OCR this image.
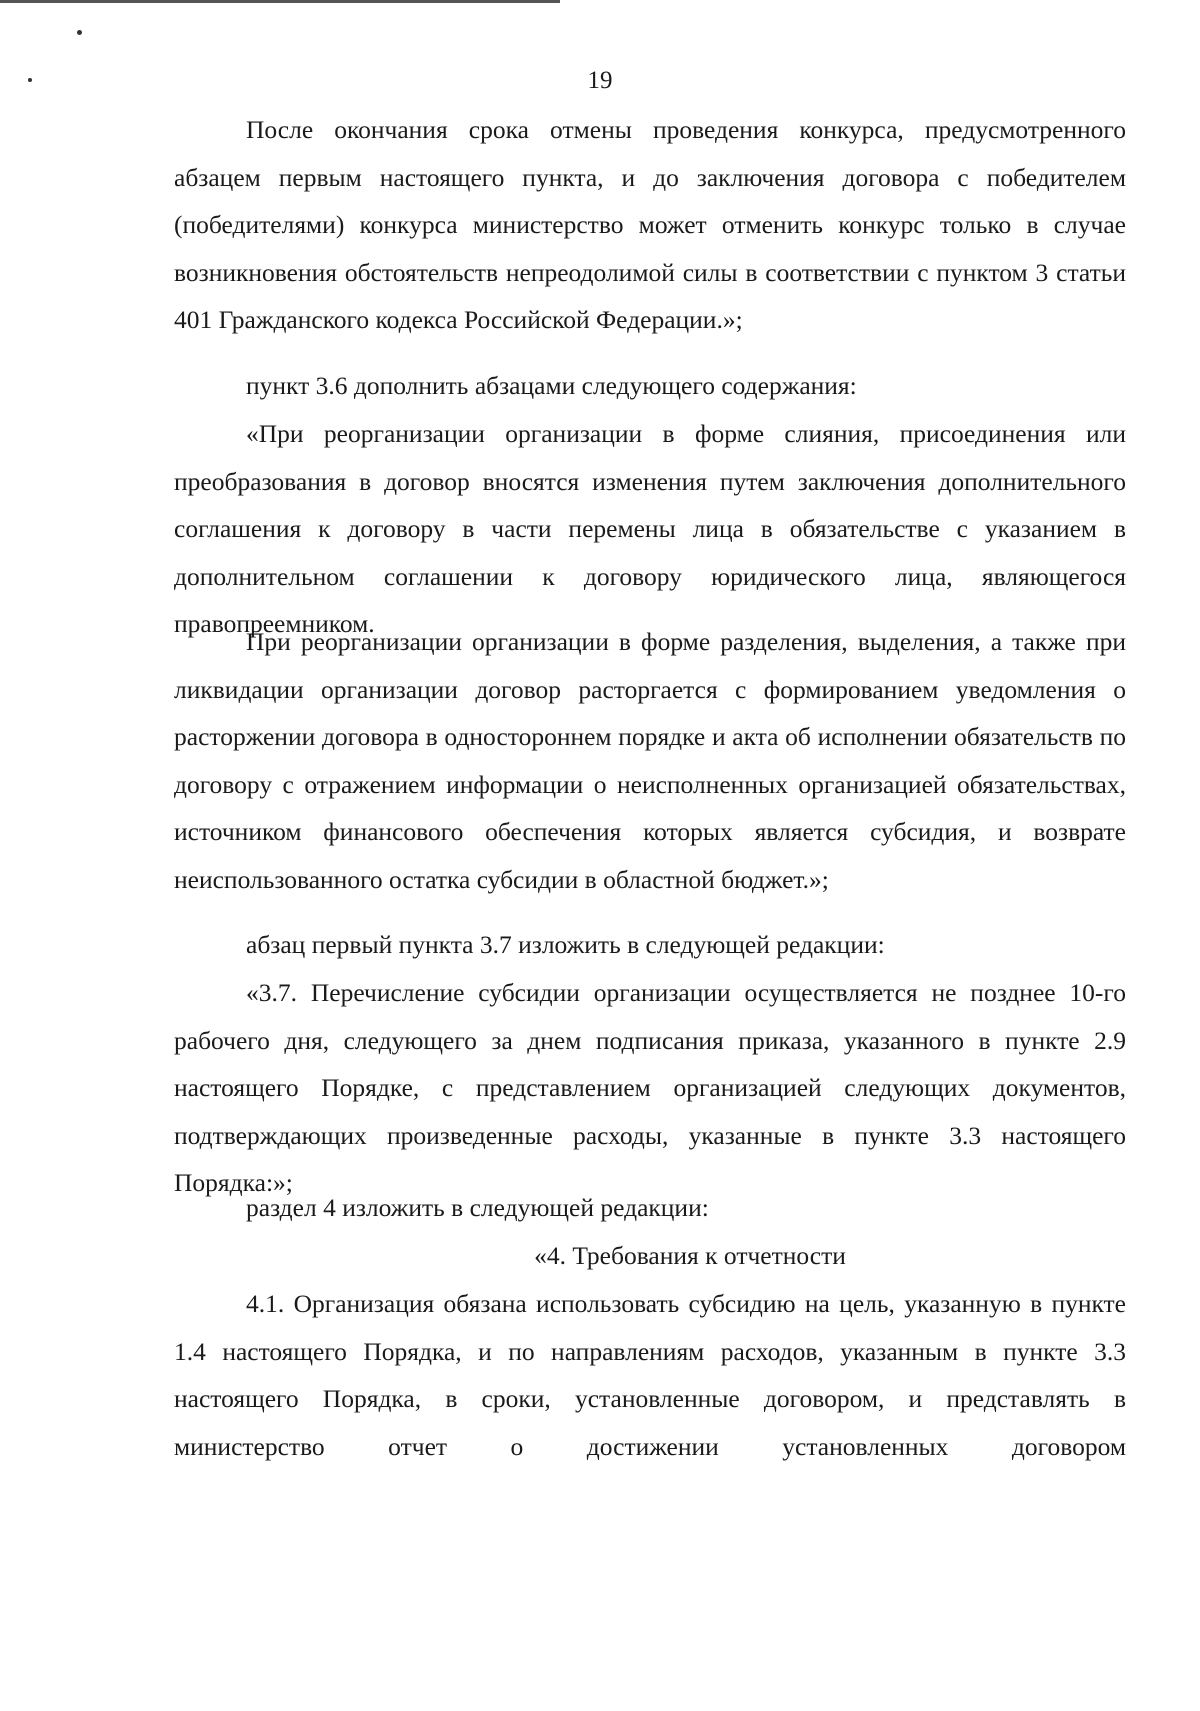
19

После окончания срока отмены проведения конкурса, предусмотренного абзацем первым настоящего пункта, и до заключения договора с победителем (победителями) конкурса министерство может отменить конкурс только в случае возникновения обстоятельств непреодолимой силы в соответствии с пунктом 3 статьи 401 Гражданского кодекса Российской Федерации.»;

пункт 3.6 дополнить абзацами следующего содержания:

«При реорганизации организации в форме слияния, присоединения или преобразования в договор вносятся изменения путем заключения дополнительного соглашения к договору в части перемены лица в обязательстве с указанием в дополнительном соглашении к договору юридического лица, являющегося правопреемником.

При реорганизации организации в форме разделения, выделения, а также при ликвидации организации договор расторгается с формированием уведомления о расторжении договора в одностороннем порядке и акта об исполнении обязательств по договору с отражением информации о неисполненных организацией обязательствах, источником финансового обеспечения которых является субсидия, и возврате неиспользованного остатка субсидии в областной бюджет.»;

абзац первый пункта 3.7 изложить в следующей редакции:

«3.7. Перечисление субсидии организации осуществляется не позднее 10-го рабочего дня, следующего за днем подписания приказа, указанного в пункте 2.9 настоящего Порядке, с представлением организацией следующих документов, подтверждающих произведенные расходы, указанные в пункте 3.3 настоящего Порядка:»;

раздел 4 изложить в следующей редакции:

«4. Требования к отчетности

4.1. Организация обязана использовать субсидию на цель, указанную в пункте 1.4 настоящего Порядка, и по направлениям расходов, указанным в пункте 3.3 настоящего Порядка, в сроки, установленные договором, и представлять в министерство отчет о достижении установленных договором
